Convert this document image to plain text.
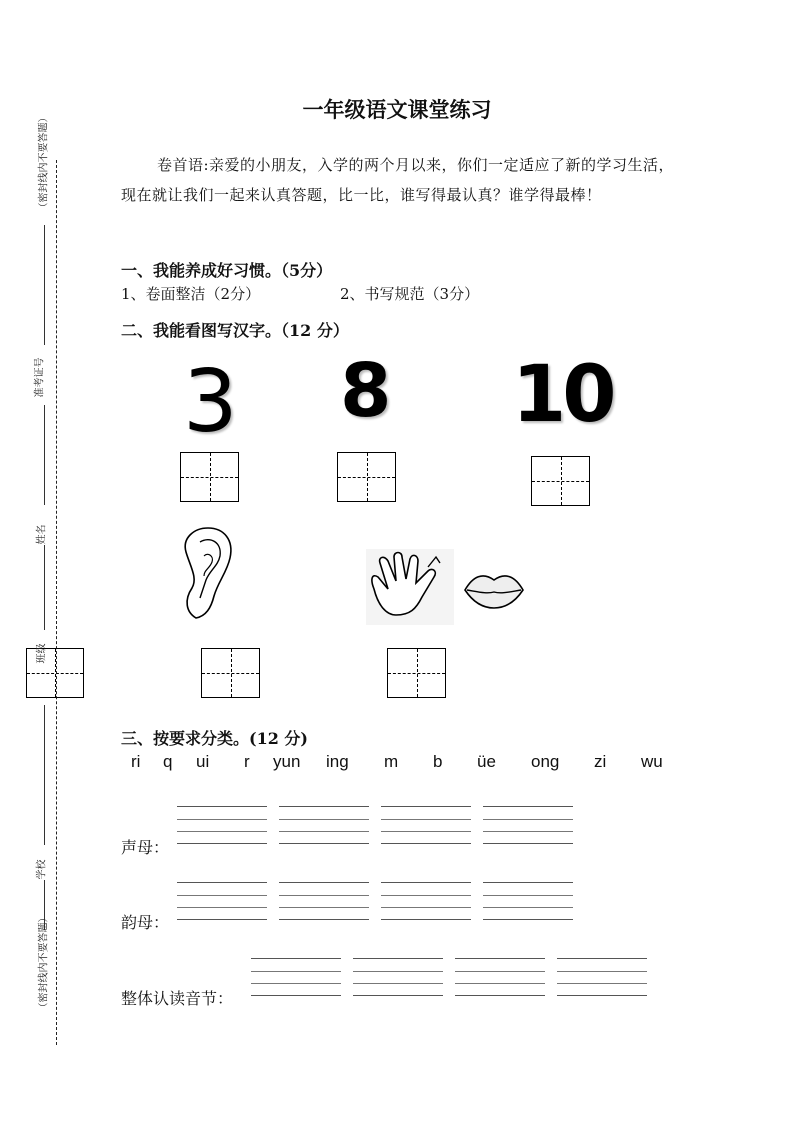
（密封线内不要答题）
准考证号
姓名
班级
学校
（密封线内不要答题）
一年级语文课堂练习
卷首语:亲爱的小朋友，入学的两个月以来，你们一定适应了新的学习生活，现在就让我们一起来认真答题，比一比，谁写得最认真？谁学得最棒！
一、我能养成好习惯。（5分）
1、卷面整洁（2分）	2、书写规范（3分）
二、我能看图写汉字。（12 分）
3 8 10
三、按要求分类。(12 分)
ri q ui r yun ing m b üe ong zi wu
声母：
韵母：
整体认读音节：
